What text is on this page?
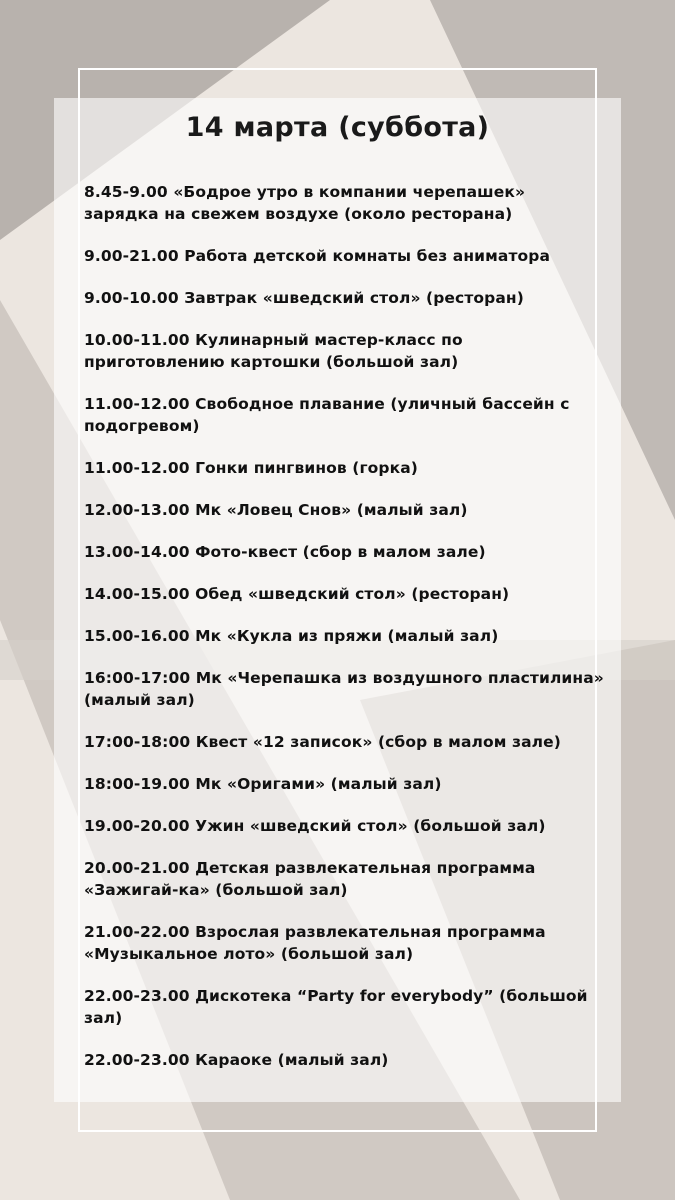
14 марта (суббота)
8.45-9.00 «Бодрое утро в компании черепашек» зарядка на свежем воздухе (около ресторана)
9.00-21.00 Работа детской комнаты без аниматора
9.00-10.00 Завтрак «шведский стол» (ресторан)
10.00-11.00 Кулинарный мастер-класс по приготовлению картошки (большой зал)
11.00-12.00 Свободное плавание (уличный бассейн с подогревом)
11.00-12.00 Гонки пингвинов (горка)
12.00-13.00 Мк «Ловец Снов» (малый зал)
13.00-14.00 Фото-квест (сбор в малом зале)
14.00-15.00 Обед «шведский стол» (ресторан)
15.00-16.00 Мк «Кукла из пряжи (малый зал)
16:00-17:00 Мк «Черепашка из воздушного пластилина» (малый зал)
17:00-18:00 Квест «12 записок» (сбор в малом зале)
18:00-19.00 Мк «Оригами» (малый зал)
19.00-20.00 Ужин «шведский стол» (большой зал)
20.00-21.00 Детская развлекательная программа «Зажигай-ка» (большой зал)
21.00-22.00 Взрослая развлекательная программа «Музыкальное лото» (большой зал)
22.00-23.00 Дискотека “Party for everybody” (большой зал)
22.00-23.00 Караоке (малый зал)
